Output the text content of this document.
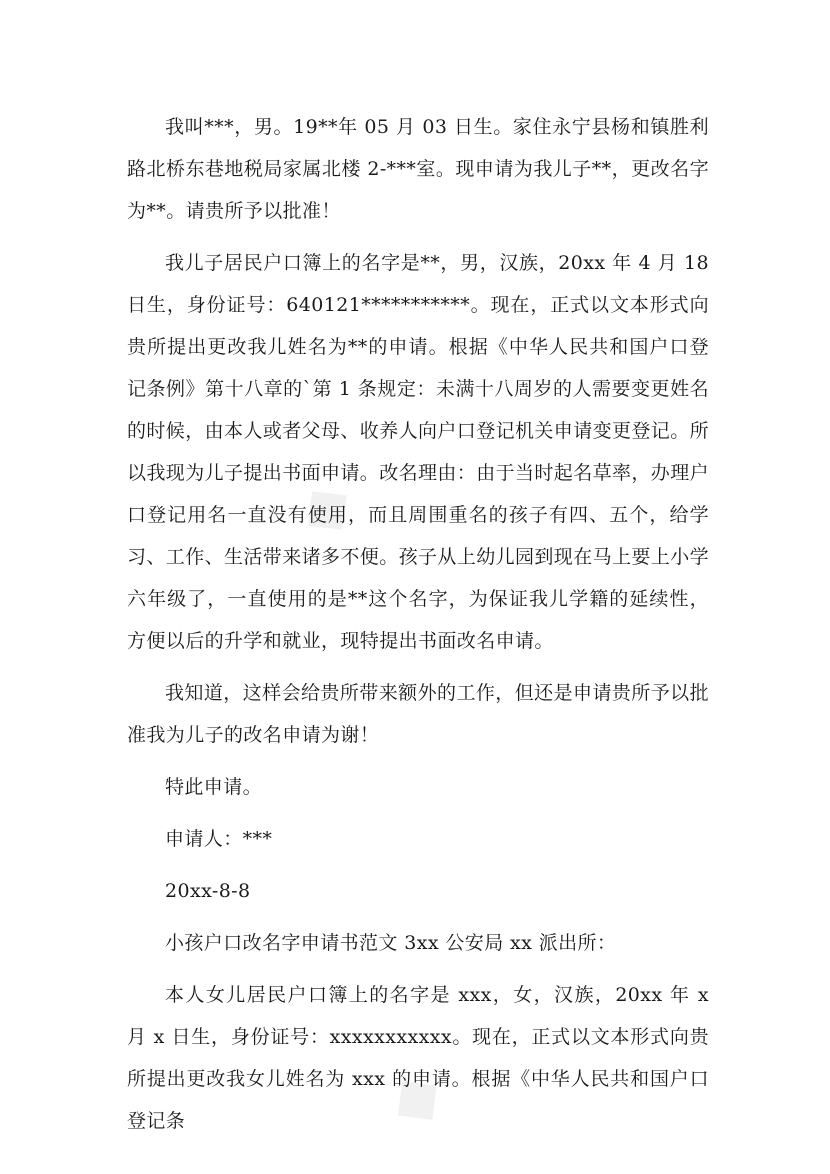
◆
◆

我叫***，男。19**年 05 月 03 日生。家住永宁县杨和镇胜利路北桥东巷地税局家属北楼 2-***室。现申请为我儿子**，更改名字为**。请贵所予以批准！

我儿子居民户口簿上的名字是**，男，汉族，20xx 年 4 月 18 日生，身份证号：640121***********。现在，正式以文本形式向贵所提出更改我儿姓名为**的申请。根据《中华人民共和国户口登记条例》第十八章的`第 1 条规定：未满十八周岁的人需要变更姓名的时候，由本人或者父母、收养人向户口登记机关申请变更登记。所以我现为儿子提出书面申请。改名理由：由于当时起名草率，办理户口登记用名一直没有使用，而且周围重名的孩子有四、五个，给学习、工作、生活带来诸多不便。孩子从上幼儿园到现在马上要上小学六年级了，一直使用的是**这个名字，为保证我儿学籍的延续性，方便以后的升学和就业，现特提出书面改名申请。

我知道，这样会给贵所带来额外的工作，但还是申请贵所予以批准我为儿子的改名申请为谢！

特此申请。

申请人：***

20xx-8-8

小孩户口改名字申请书范文 3xx 公安局 xx 派出所：

本人女儿居民户口簿上的名字是 xxx，女，汉族，20xx 年 x 月 x 日生，身份证号：xxxxxxxxxxx。现在，正式以文本形式向贵所提出更改我女儿姓名为 xxx 的申请。根据《中华人民共和国户口登记条
